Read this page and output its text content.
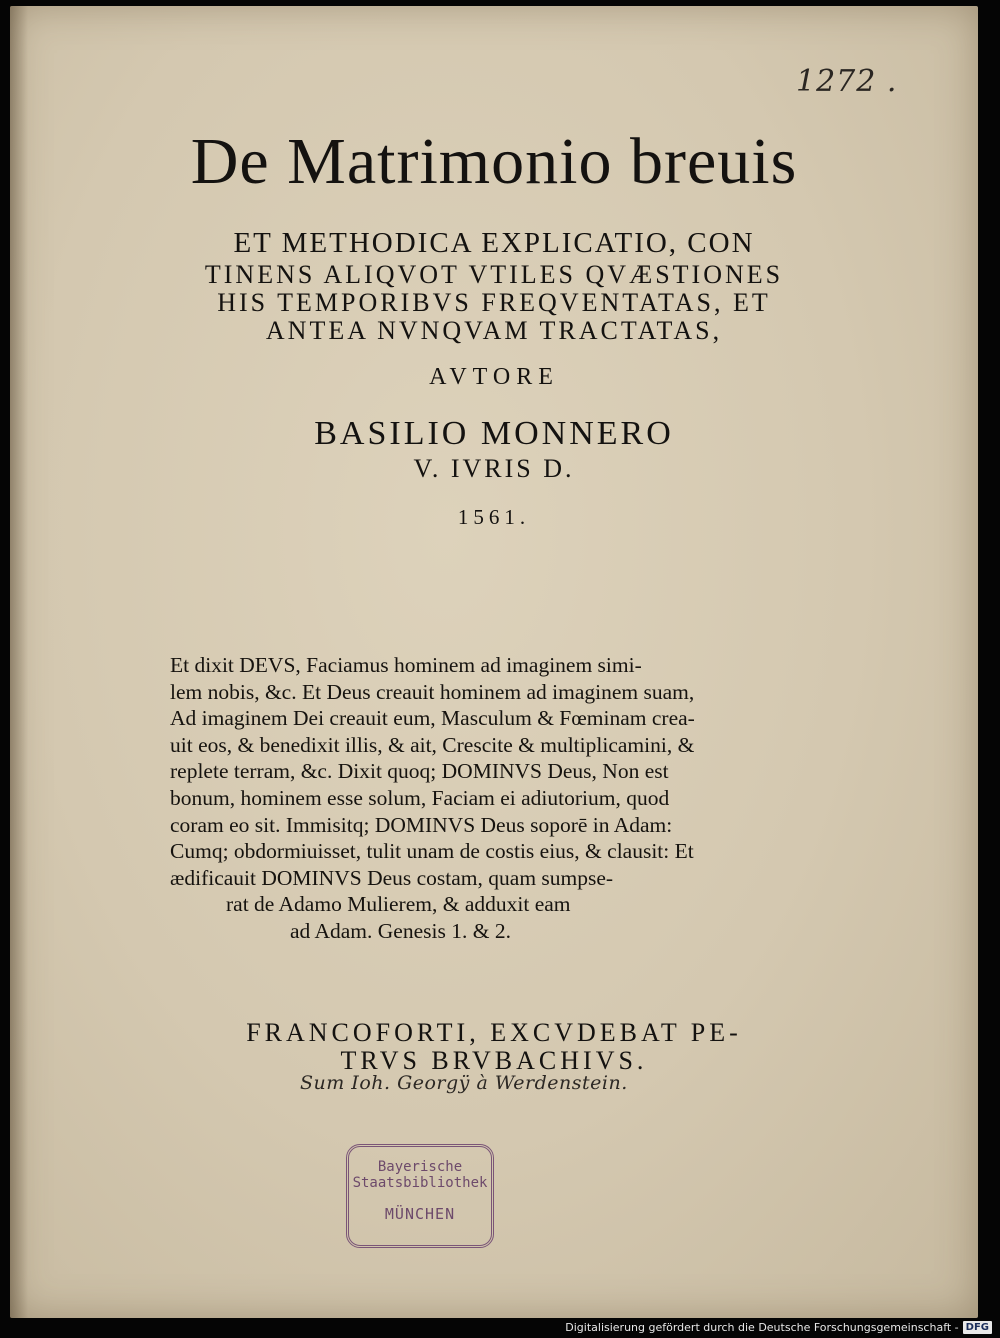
1272 .
De Matrimonio breuis
ET METHODICA EXPLICATIO, CON
TINENS ALIQVOT VTILES QVÆSTIONES
HIS TEMPORIBVS FREQVENTATAS, ET
ANTEA NVNQVAM TRACTATAS,
AVTORE
BASILIO MONNERO
V. IVRIS D.
1561.
Et dixit DEVS, Faciamus hominem ad imaginem simi-
lem nobis, &c. Et Deus creauit hominem ad imaginem suam,
Ad imaginem Dei creauit eum, Masculum & Fœminam crea-
uit eos, & benedixit illis, & ait, Crescite & multiplicamini, &
replete terram, &c. Dixit quoq; DOMINVS Deus, Non est
bonum, hominem esse solum, Faciam ei adiutorium, quod
coram eo sit. Immisitq; DOMINVS Deus soporē in Adam:
Cumq; obdormiuisset, tulit unam de costis eius, & clausit: Et
ædificauit DOMINVS Deus costam, quam sumpse-
rat de Adamo Mulierem, & adduxit eam
ad Adam. Genesis 1. & 2.
FRANCOFORTI, EXCVDEBAT PE-
TRVS BRVBACHIVS.
Sum Ioh. Georgÿ à Werdenstein.
Bayerische
Staatsbibliothek
MÜNCHEN
Digitalisierung gefördert durch die Deutsche Forschungsgemeinschaft - DFG
